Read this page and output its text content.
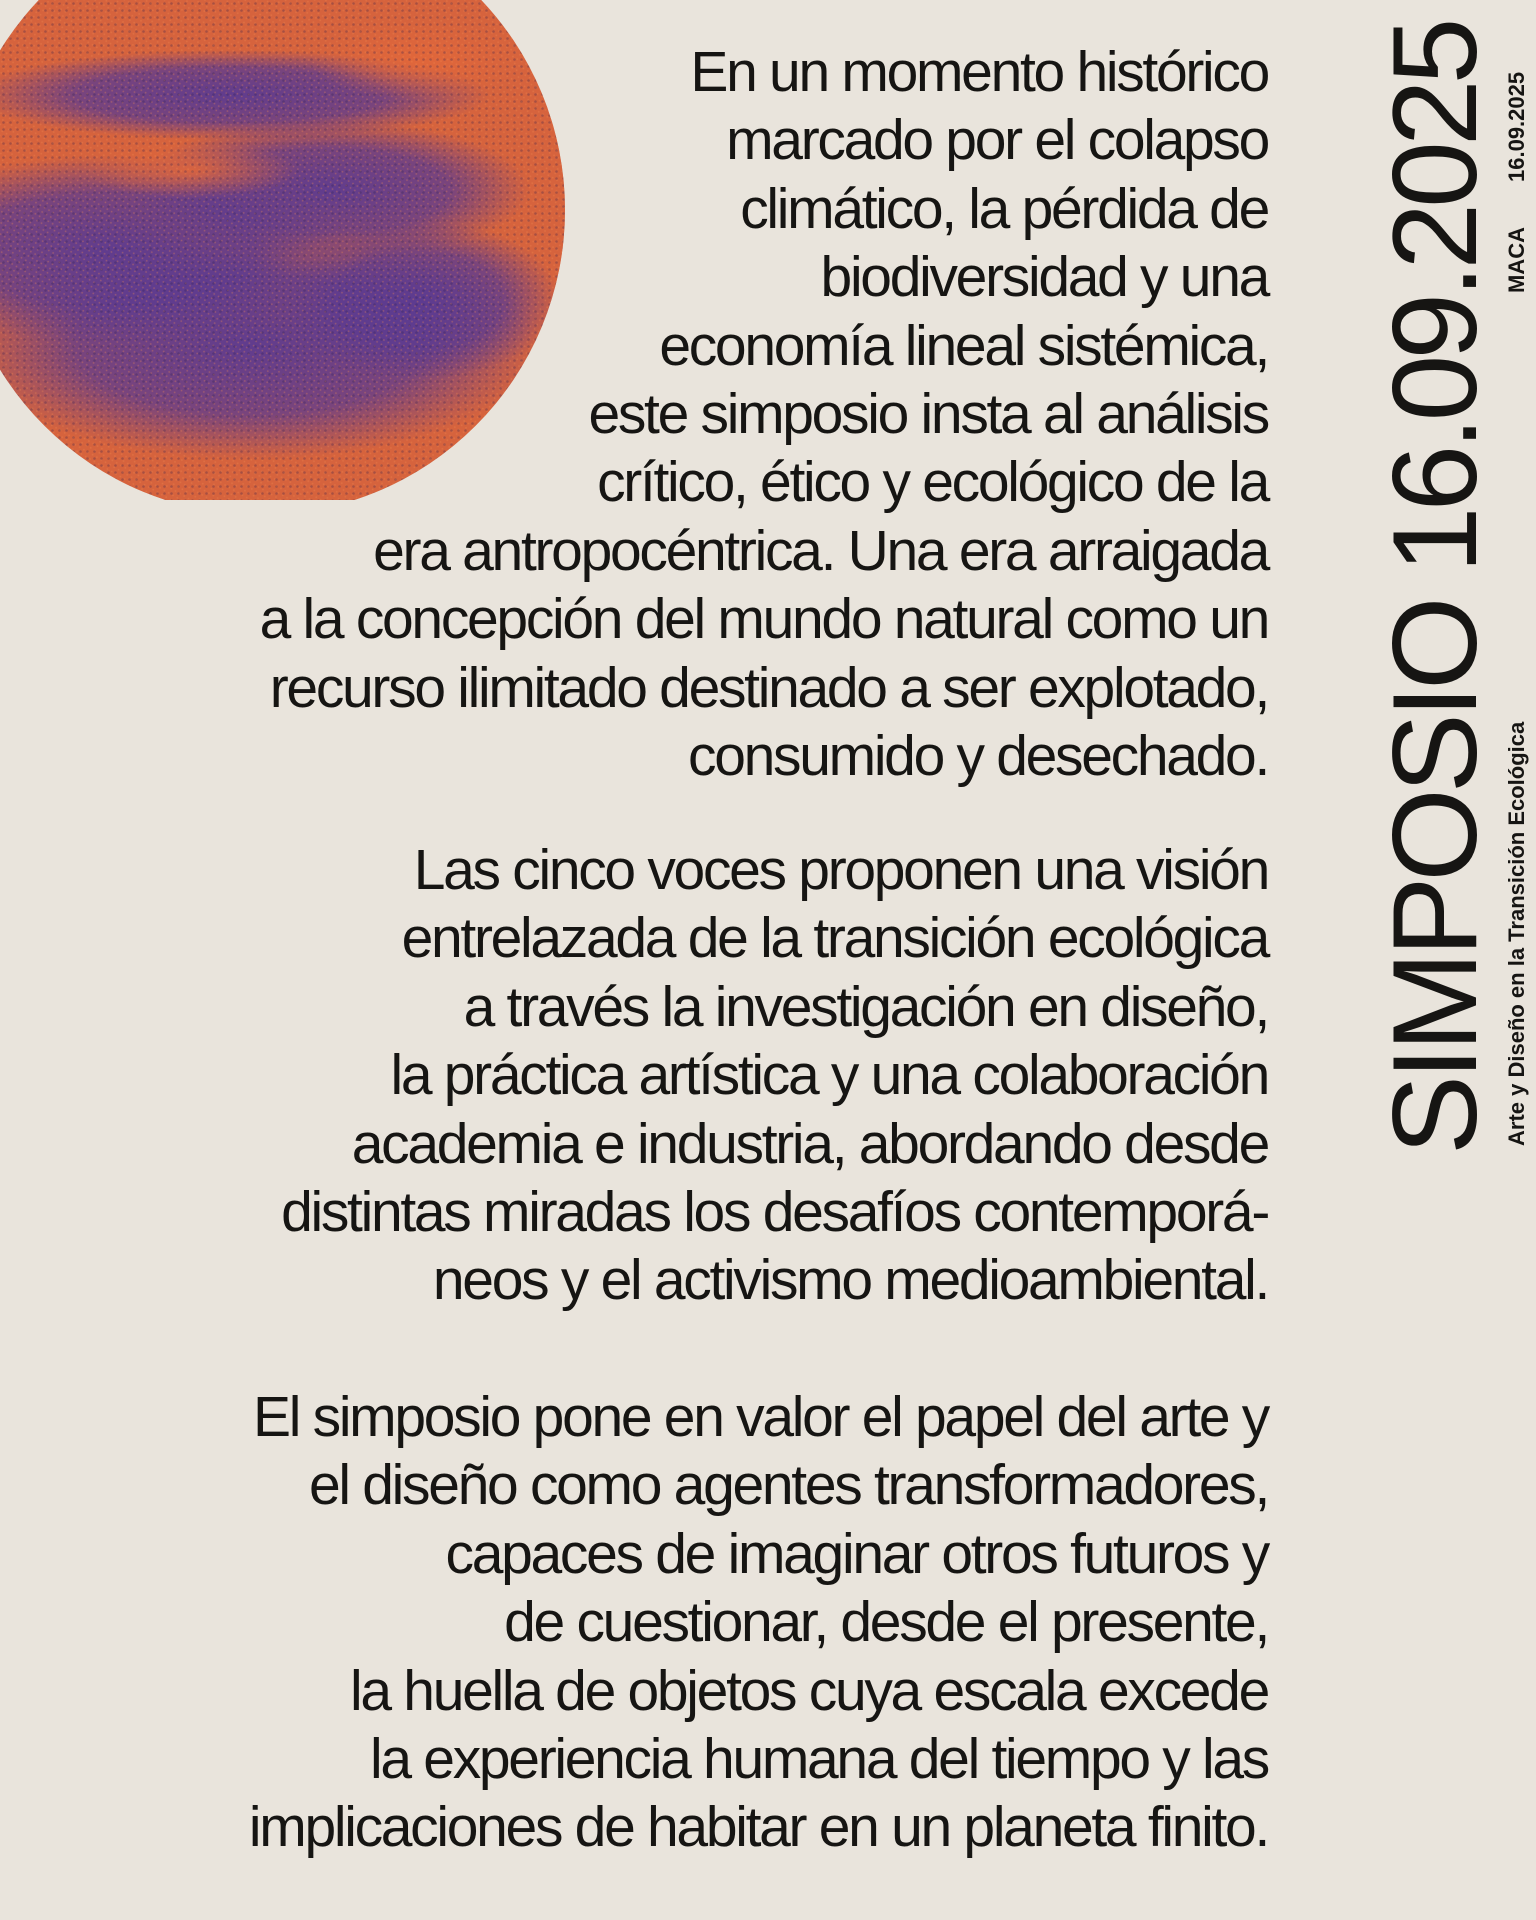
En un momento histórico
marcado por el colapso
climático, la pérdida de
biodiversidad y una
economía lineal sistémica,
este simposio insta al análisis
crítico, ético y ecológico de la
era antropocéntrica. Una era arraigada
a la concepción del mundo natural como un
recurso ilimitado destinado a ser explotado,
consumido y desechado.
Las cinco voces proponen una visión
entrelazada de la transición ecológica
a través la investigación en diseño,
la práctica artística y una colaboración
academia e industria, abordando desde
distintas miradas los desafíos contemporá-
neos y el activismo medioambiental.
El simposio pone en valor el papel del arte y
el diseño como agentes transformadores,
capaces de imaginar otros futuros y
de cuestionar, desde el presente,
la huella de objetos cuya escala excede
la experiencia humana del tiempo y las
implicaciones de habitar en un planeta finito.
SIMPOSIO 16.09.2025 Arte y Diseño en la Transición Ecológica
MACA
16.09.2025
